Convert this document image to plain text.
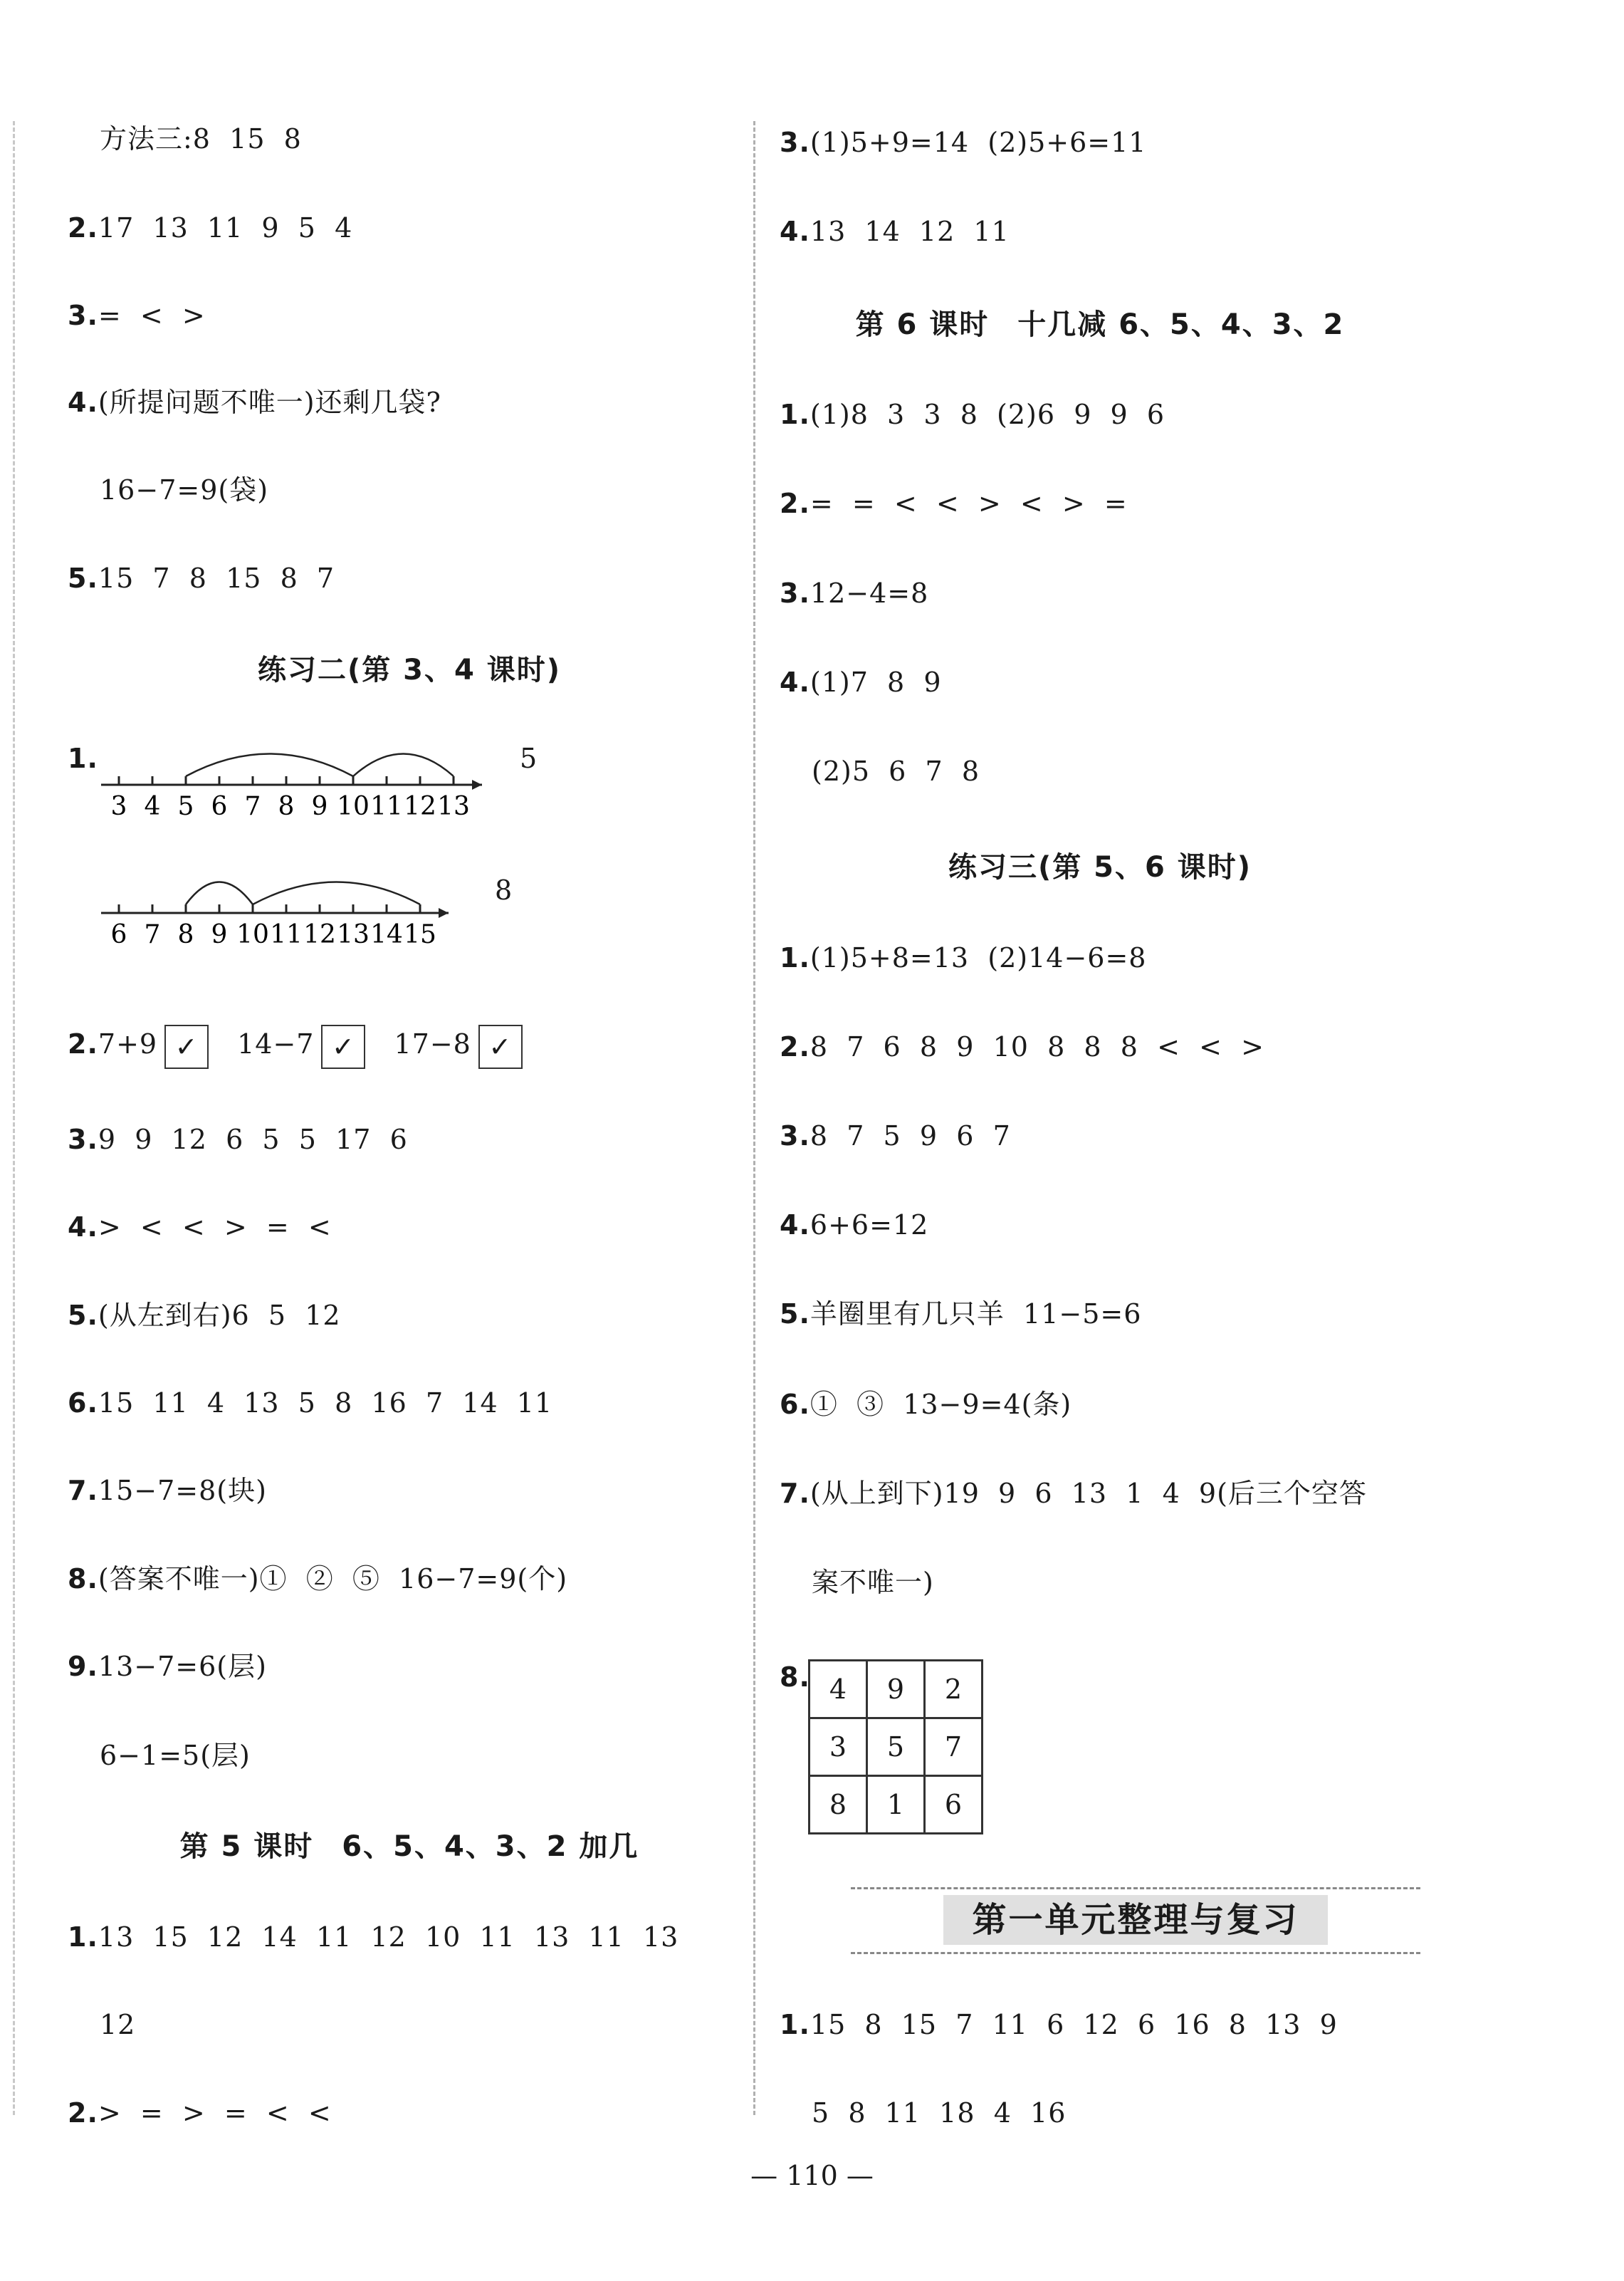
方法三:8  15  8
2.17  13  11  9  5  4
3.=  <  >
4.(所提问题不唯一)还剩几袋?
16−7=9(袋)
5.15  7  8  15  8  7
练习二(第 3、4 课时)
1.
3 4 5 6 7 8 9 10 11 12 13
5
6 7 8 9 10 11 12 13 14 15
8
2.7+9 ✓ 14−7 ✓ 17−8 ✓
3.9  9  12  6  5  5  17  6
4.>  <  <  >  =  <
5.(从左到右)6  5  12
6.15  11  4  13  5  8  16  7  14  11
7.15−7=8(块)
8.(答案不唯一)①  ②  ⑤  16−7=9(个)
9.13−7=6(层)
6−1=5(层)
第 5 课时 6、5、4、3、2 加几
1.13  15  12  14  11  12  10  11  13  11  13
12
2.>  =  >  =  <  <
3.(1)5+9=14  (2)5+6=11
4.13  14  12  11
第 6 课时 十几减 6、5、4、3、2
1.(1)8  3  3  8  (2)6  9  9  6
2.=  =  <  <  >  <  >  =
3.12−4=8
4.(1)7  8  9
(2)5  6  7  8
练习三(第 5、6 课时)
1.(1)5+8=13  (2)14−6=8
2.8  7  6  8  9  10  8  8  8  <  <  >
3.8  7  5  9  6  7
4.6+6=12
5.羊圈里有几只羊  11−5=6
6.①  ③  13−9=4(条)
7.(从上到下)19  9  6  13  1  4  9(后三个空答
案不唯一)
8. 4	9	2
3	5	7
8	1	6
第一单元整理与复习
1.15  8  15  7  11  6  12  6  16  8  13  9
5  8  11  18  4  16
— 110 —
